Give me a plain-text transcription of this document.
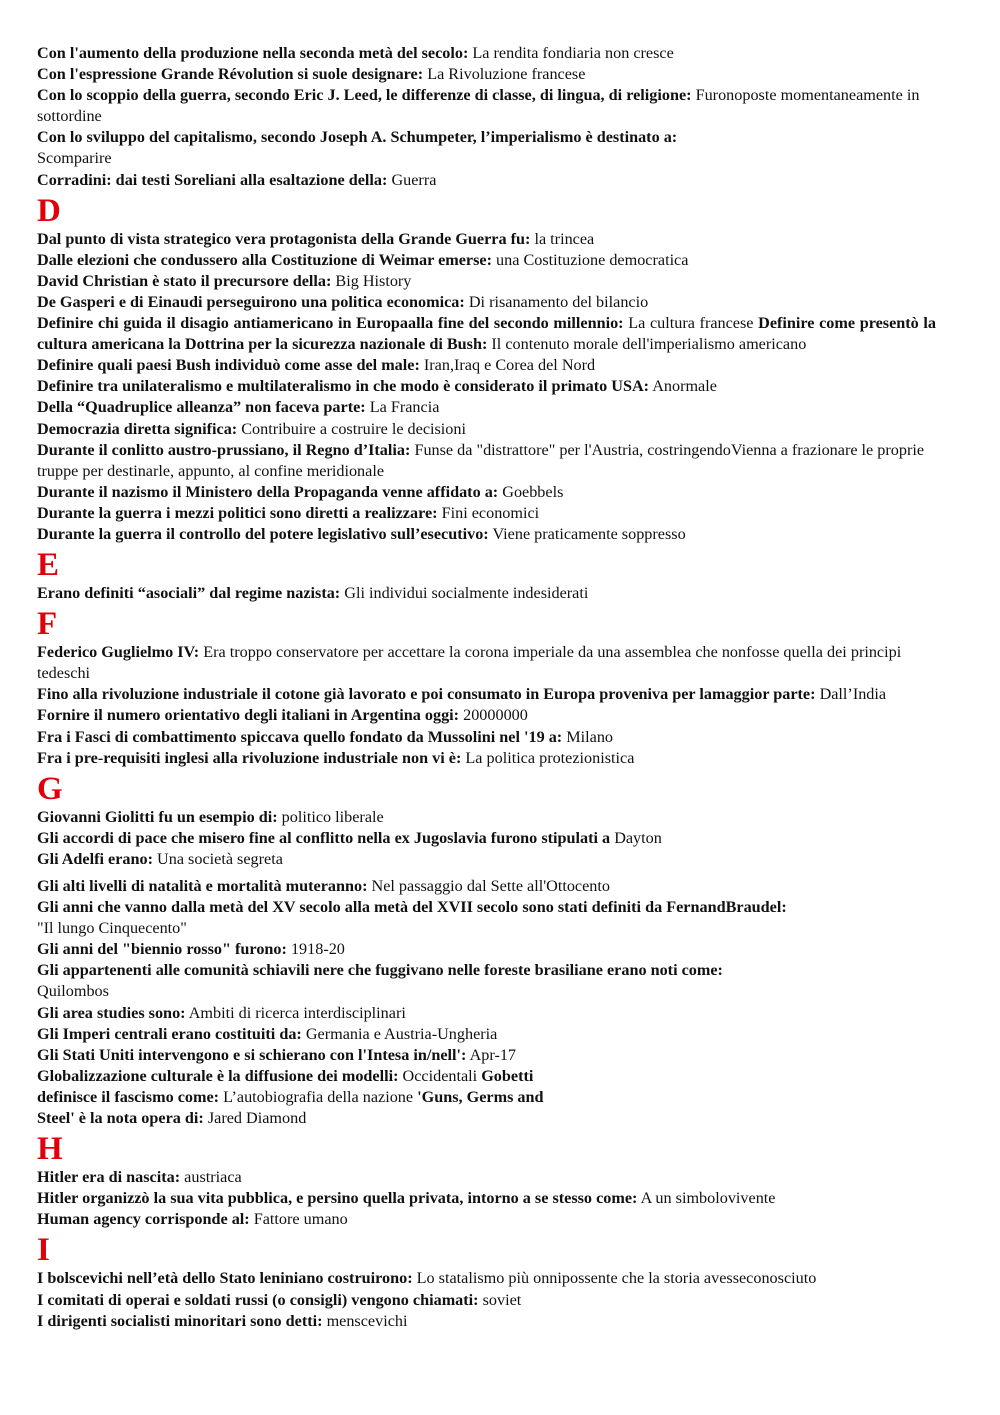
Con l'aumento della produzione nella seconda metà del secolo: La rendita fondiaria non cresce

Con l'espressione Grande Révolution si suole designare: La Rivoluzione francese

Con lo scoppio della guerra, secondo Eric J. Leed, le differenze di classe, di lingua, di religione: Furonoposte momentaneamente in sottordine

Con lo sviluppo del capitalismo, secondo Joseph A. Schumpeter, l’imperialismo è destinato a:
Scomparire

Corradini: dai testi Soreliani alla esaltazione della: Guerra

D

Dal punto di vista strategico vera protagonista della Grande Guerra fu: la trincea

Dalle elezioni che condussero alla Costituzione di Weimar emerse: una Costituzione democratica

David Christian è stato il precursore della: Big History

De Gasperi e di Einaudi perseguirono una politica economica: Di risanamento del bilancio

Definire chi guida il disagio antiamericano in Europaalla fine del secondo millennio: La cultura francese Definire come presentò la cultura americana la Dottrina per la sicurezza nazionale di Bush: Il contenuto morale dell'imperialismo americano

Definire quali paesi Bush individuò come asse del male: Iran,Iraq e Corea del Nord

Definire tra unilateralismo e multilateralismo in che modo è considerato il primato USA: Anormale

Della “Quadruplice alleanza” non faceva parte: La Francia

Democrazia diretta significa: Contribuire a costruire le decisioni

Durante il conlitto austro-prussiano, il Regno d’Italia: Funse da "distrattore" per l'Austria, costringendoVienna a frazionare le proprie truppe per destinarle, appunto, al confine meridionale

Durante il nazismo il Ministero della Propaganda venne affidato a: Goebbels

Durante la guerra i mezzi politici sono diretti a realizzare: Fini economici

Durante la guerra il controllo del potere legislativo sull’esecutivo: Viene praticamente soppresso

E

Erano definiti “asociali” dal regime nazista: Gli individui socialmente indesiderati

F

Federico Guglielmo IV: Era troppo conservatore per accettare la corona imperiale da una assemblea che nonfosse quella dei principi tedeschi

Fino alla rivoluzione industriale il cotone già lavorato e poi consumato in Europa proveniva per lamaggior parte: Dall’India

Fornire il numero orientativo degli italiani in Argentina oggi: 20000000

Fra i Fasci di combattimento spiccava quello fondato da Mussolini nel '19 a: Milano

Fra i pre-requisiti inglesi alla rivoluzione industriale non vi è: La politica protezionistica

G

Giovanni Giolitti fu un esempio di: politico liberale

Gli accordi di pace che misero fine al conflitto nella ex Jugoslavia furono stipulati a Dayton

Gli Adelfi erano: Una società segreta

Gli alti livelli di natalità e mortalità muteranno: Nel passaggio dal Sette all'Ottocento

Gli anni che vanno dalla metà del XV secolo alla metà del XVII secolo sono stati definiti da FernandBraudel:
"Il lungo Cinquecento"

Gli anni del "biennio rosso" furono: 1918-20

Gli appartenenti alle comunità schiavili nere che fuggivano nelle foreste brasiliane erano noti come:
Quilombos

Gli area studies sono: Ambiti di ricerca interdisciplinari

Gli Imperi centrali erano costituiti da: Germania e Austria-Ungheria

Gli Stati Uniti intervengono e si schierano con l'Intesa in/nell': Apr-17

Globalizzazione culturale è la diffusione dei modelli: Occidentali Gobetti
definisce il fascismo come: L’autobiografia della nazione 'Guns, Germs and
Steel' è la nota opera di: Jared Diamond

H

Hitler era di nascita: austriaca

Hitler organizzò la sua vita pubblica, e persino quella privata, intorno a se stesso come: A un simbolovivente

Human agency corrisponde al: Fattore umano

I

I bolscevichi nell’età dello Stato leniniano costruirono: Lo statalismo più onnipossente che la storia avesseconosciuto

I comitati di operai e soldati russi (o consigli) vengono chiamati: soviet

I dirigenti socialisti minoritari sono detti: menscevichi
